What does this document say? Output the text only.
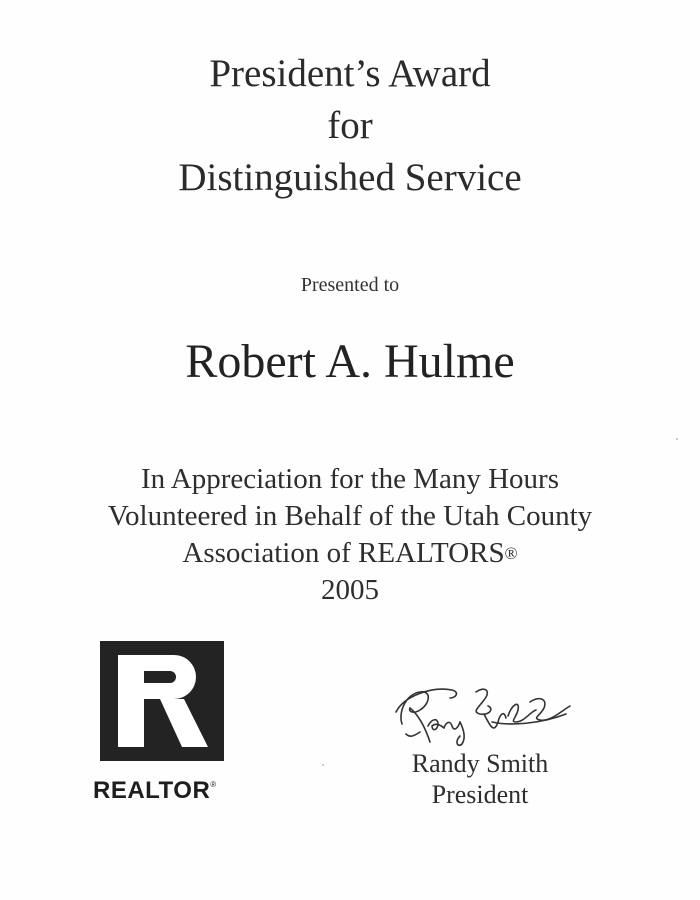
President’s Award
for
Distinguished Service
Presented to
Robert A. Hulme
In Appreciation for the Many Hours
Volunteered in Behalf of the Utah County
Association of REALTORS®
2005
REALTOR®
Randy Smith
President
